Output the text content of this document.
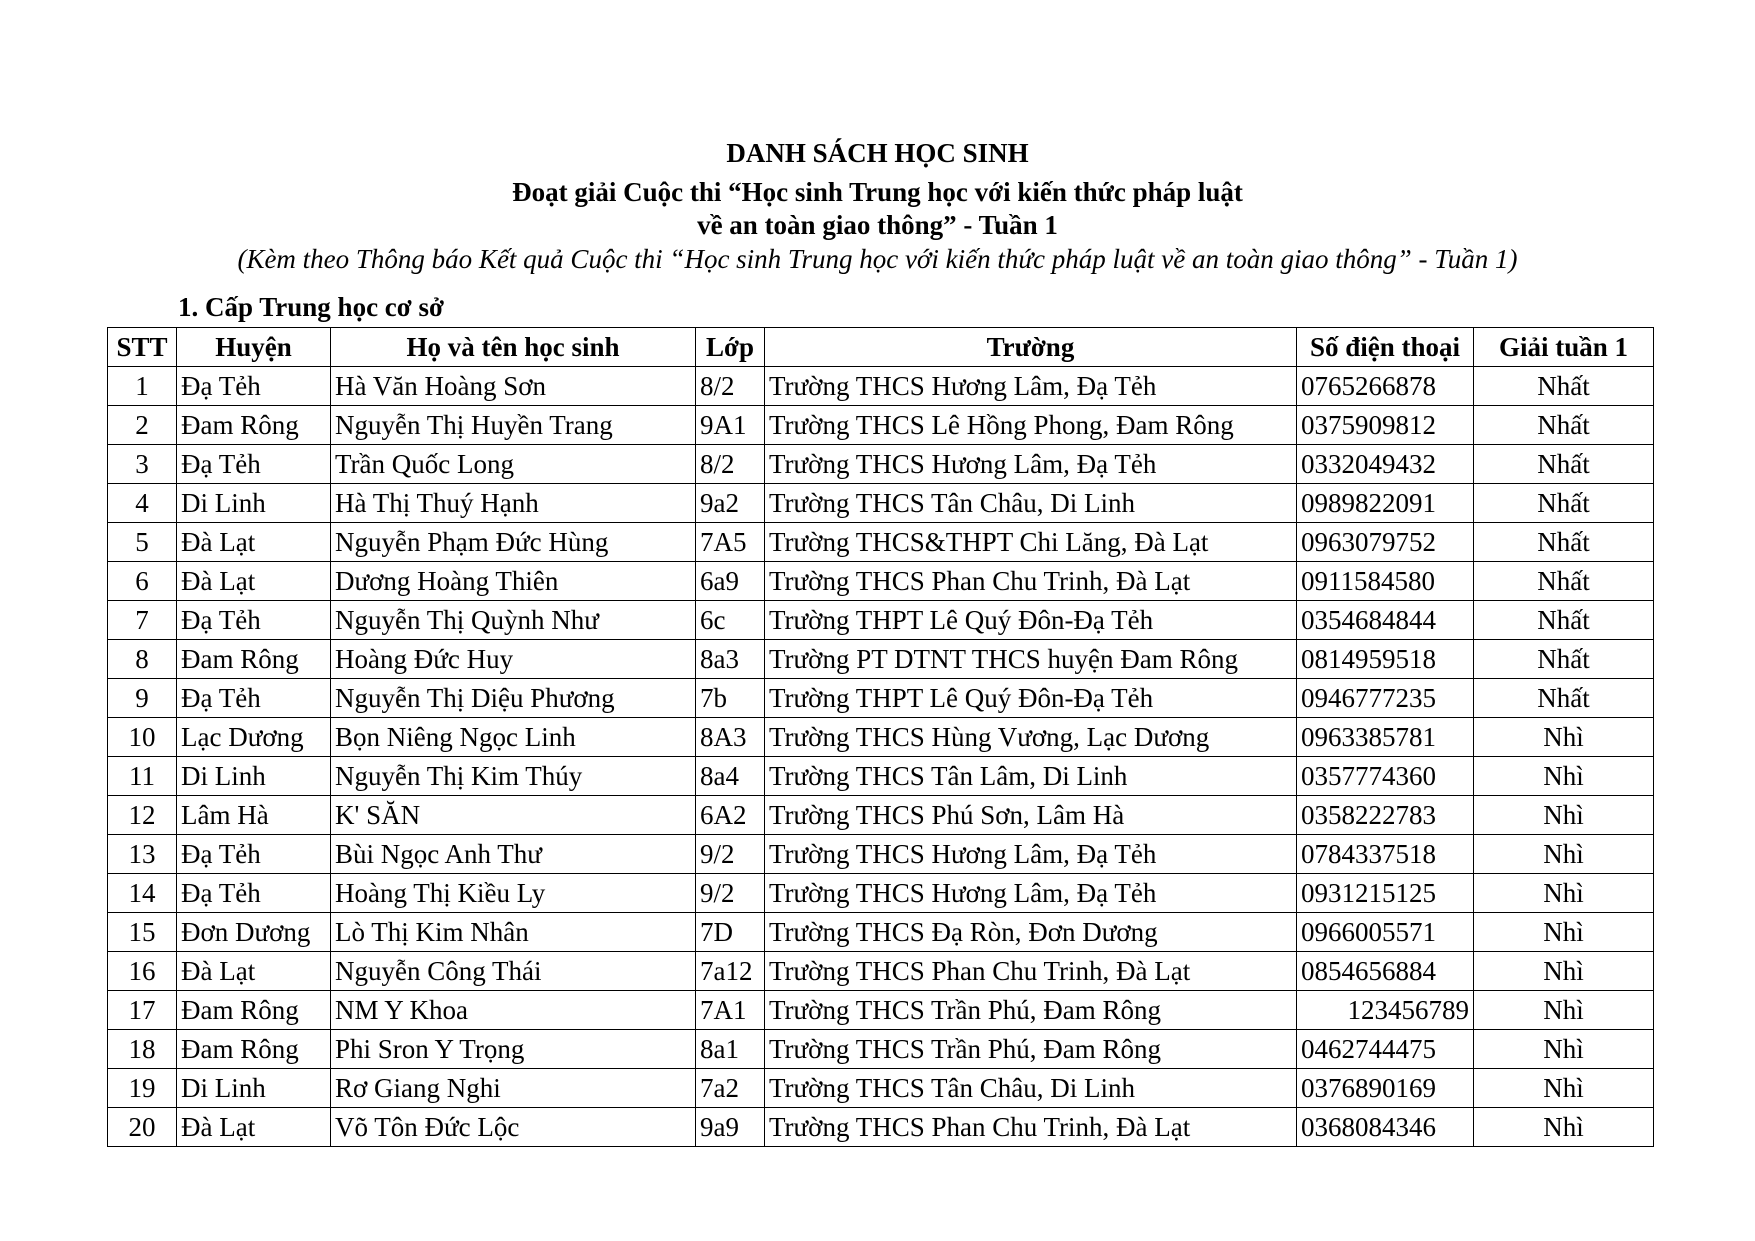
DANH SÁCH HỌC SINH
Đoạt giải Cuộc thi “Học sinh Trung học với kiến thức pháp luật
về an toàn giao thông” - Tuần 1
(Kèm theo Thông báo Kết quả Cuộc thi “Học sinh Trung học với kiến thức pháp luật về an toàn giao thông” - Tuần 1)
1. Cấp Trung học cơ sở
STT	Huyện	Họ và tên học sinh	Lớp	Trường	Số điện thoại	Giải tuần 1
1	Đạ Tẻh	Hà Văn Hoàng Sơn	8/2	Trường THCS Hương Lâm, Đạ Tẻh	0765266878	Nhất
2	Đam Rông	Nguyễn Thị Huyền Trang	9A1	Trường THCS Lê Hồng Phong, Đam Rông	0375909812	Nhất
3	Đạ Tẻh	Trần Quốc Long	8/2	Trường THCS Hương Lâm, Đạ Tẻh	0332049432	Nhất
4	Di Linh	Hà Thị Thuý Hạnh	9a2	Trường THCS Tân Châu, Di Linh	0989822091	Nhất
5	Đà Lạt	Nguyễn Phạm Đức Hùng	7A5	Trường THCS&THPT Chi Lăng, Đà Lạt	0963079752	Nhất
6	Đà Lạt	Dương Hoàng Thiên	6a9	Trường THCS Phan Chu Trinh, Đà Lạt	0911584580	Nhất
7	Đạ Tẻh	Nguyễn Thị Quỳnh Như	6c	Trường THPT Lê Quý Đôn-Đạ Tẻh	0354684844	Nhất
8	Đam Rông	Hoàng Đức Huy	8a3	Trường PT DTNT THCS huyện Đam Rông	0814959518	Nhất
9	Đạ Tẻh	Nguyễn Thị Diệu Phương	7b	Trường THPT Lê Quý Đôn-Đạ Tẻh	0946777235	Nhất
10	Lạc Dương	Bọn Niêng Ngọc Linh	8A3	Trường THCS Hùng Vương, Lạc Dương	0963385781	Nhì
11	Di Linh	Nguyễn Thị Kim Thúy	8a4	Trường THCS Tân Lâm, Di Linh	0357774360	Nhì
12	Lâm Hà	K' SĂN	6A2	Trường THCS Phú Sơn, Lâm Hà	0358222783	Nhì
13	Đạ Tẻh	Bùi Ngọc Anh Thư	9/2	Trường THCS Hương Lâm, Đạ Tẻh	0784337518	Nhì
14	Đạ Tẻh	Hoàng Thị Kiều Ly	9/2	Trường THCS Hương Lâm, Đạ Tẻh	0931215125	Nhì
15	Đơn Dương	Lò Thị Kim Nhân	7D	Trường THCS Đạ Ròn, Đơn Dương	0966005571	Nhì
16	Đà Lạt	Nguyễn Công Thái	7a12	Trường THCS Phan Chu Trinh, Đà Lạt	0854656884	Nhì
17	Đam Rông	NM Y Khoa	7A1	Trường THCS Trần Phú, Đam Rông	123456789	Nhì
18	Đam Rông	Phi Sron Y Trọng	8a1	Trường THCS Trần Phú, Đam Rông	0462744475	Nhì
19	Di Linh	Rơ Giang Nghi	7a2	Trường THCS Tân Châu, Di Linh	0376890169	Nhì
20	Đà Lạt	Võ Tôn Đức Lộc	9a9	Trường THCS Phan Chu Trinh, Đà Lạt	0368084346	Nhì
